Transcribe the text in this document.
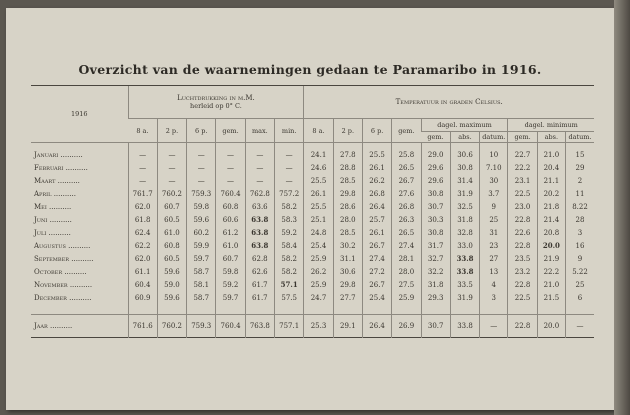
Overzicht van de waarnemingen gedaan te Paramaribo in 1916.
1916	Luchtdrukking in m.M.
herleid op 0° C.						Temperatuur in graden Celsius.									
	8 a.	2 p.	6 p.	gem.	max.	min.	8 a.	2 p.	6 p.	gem.	dagel. maximum			dagel. minimum		
											gem.	abs.	datum.	gem.	abs.	datum.
Januari ..........	—	—	—	—	—	—	24.1	27.8	25.5	25.8	29.0	30.6	10	22.7	21.0	15
Februari ..........	—	—	—	—	—	—	24.6	28.8	26.1	26.5	29.6	30.8	7.10	22.2	20.4	29
Maart ..........	—	—	—	—	—	—	25.5	28.5	26.2	26.7	29.6	31.4	30	23.1	21.1	2
April ..........	761.7	760.2	759.3	760.4	762.8	757.2	26.1	29.8	26.8	27.6	30.8	31.9	3.7	22.5	20.2	11
Mei ..........	62.0	60.7	59.8	60.8	63.6	58.2	25.5	28.6	26.4	26.8	30.7	32.5	9	23.0	21.8	8.22
Juni ..........	61.8	60.5	59.6	60.6	63.8	58.3	25.1	28.0	25.7	26.3	30.3	31.8	25	22.8	21.4	28
Juli ..........	62.4	61.0	60.2	61.2	63.8	59.2	24.8	28.5	26.1	26.5	30.8	32.8	31	22.6	20.8	3
Augustus ..........	62.2	60.8	59.9	61.0	63.8	58.4	25.4	30.2	26.7	27.4	31.7	33.0	23	22.8	20.0	16
September ..........	62.0	60.5	59.7	60.7	62.8	58.2	25.9	31.1	27.4	28.1	32.7	33.8	27	23.5	21.9	9
October ..........	61.1	59.6	58.7	59.8	62.6	58.2	26.2	30.6	27.2	28.0	32.2	33.8	13	23.2	22.2	5.22
November ..........	60.4	59.0	58.1	59.2	61.7	57.1	25.9	29.8	26.7	27.5	31.8	33.5	4	22.8	21.0	25
December ..........	60.9	59.6	58.7	59.7	61.7	57.5	24.7	27.7	25.4	25.9	29.3	31.9	3	22.5	21.5	6

Jaar ..........	761.6	760.2	759.3	760.4	763.8	757.1	25.3	29.1	26.4	26.9	30.7	33.8	—	22.8	20.0	—
